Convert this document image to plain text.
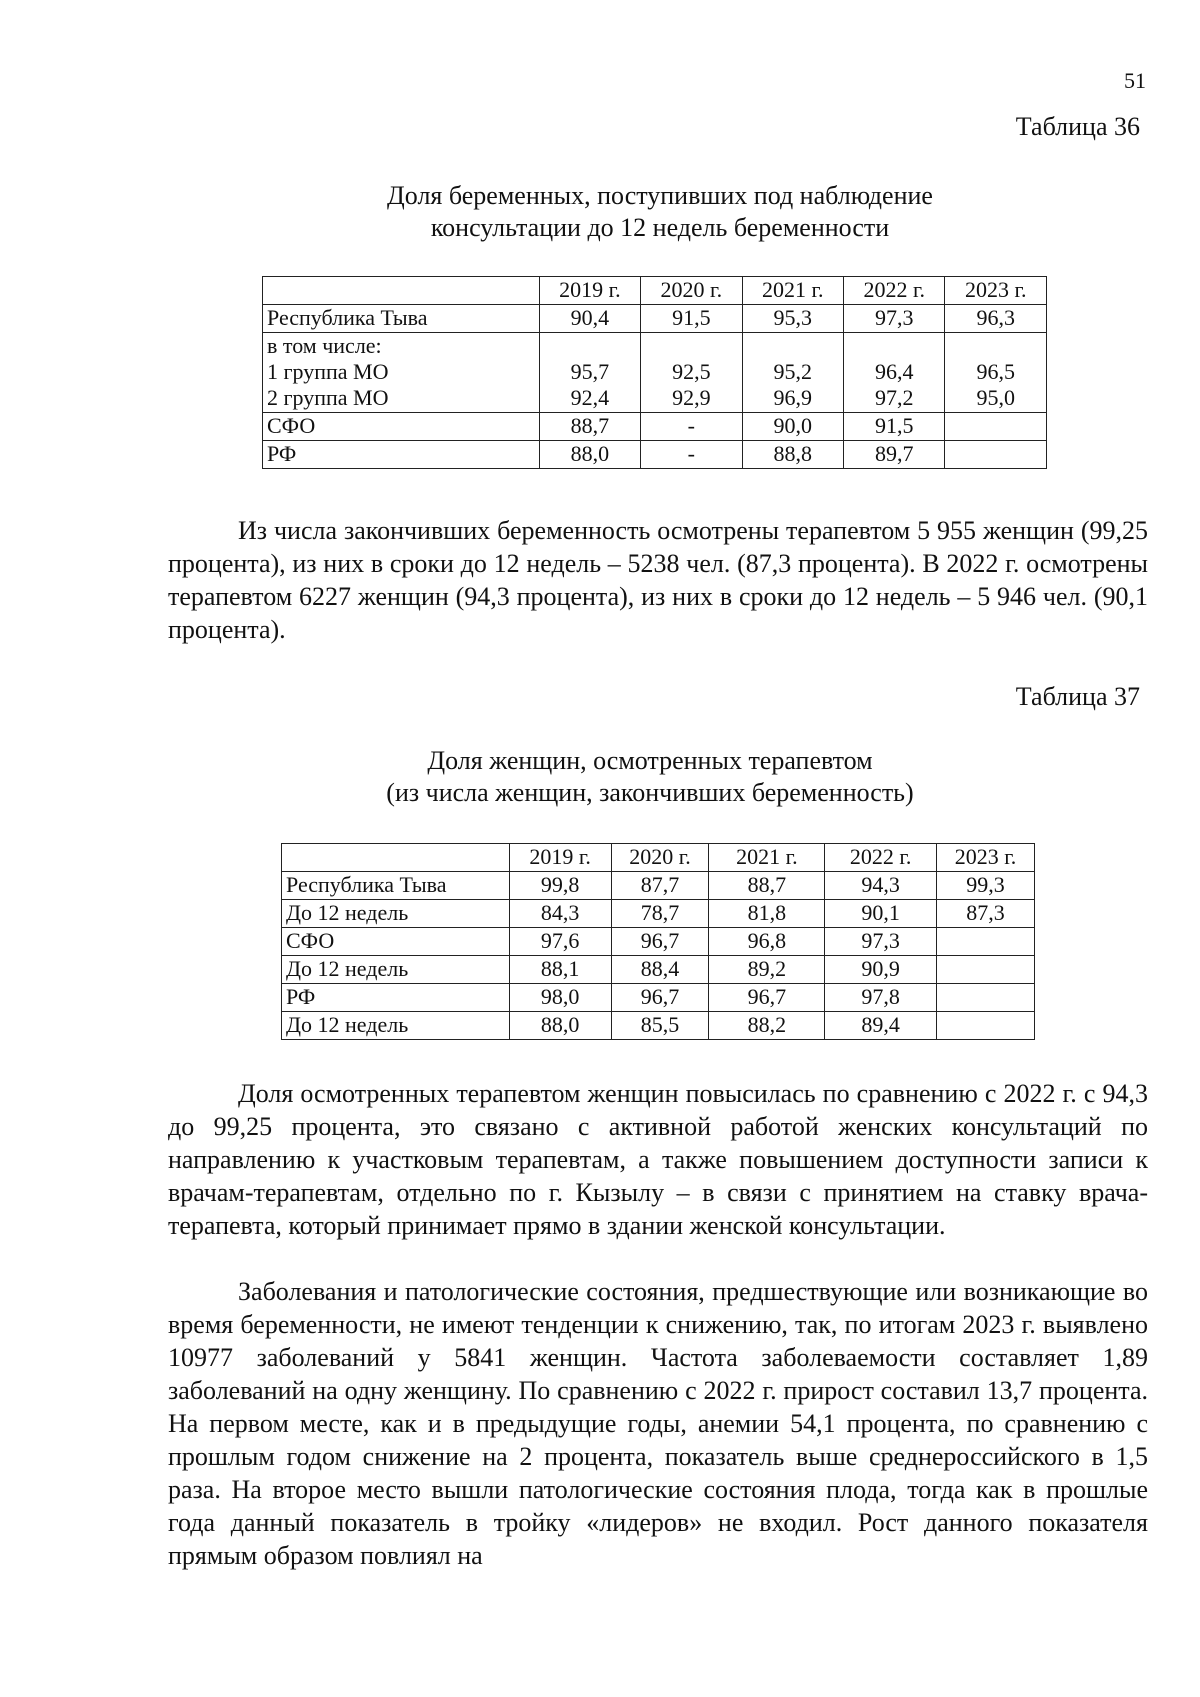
51
Таблица 36
Доля беременных, поступивших под наблюдение
консультации до 12 недель беременности
	2019 г.	2020 г.	2021 г.	2022 г.	2023 г.
Республика Тыва	90,4	91,5	95,3	97,3	96,3
в том числе:					
1 группа МО	95,7	92,5	95,2	96,4	96,5
2 группа МО	92,4	92,9	96,9	97,2	95,0
СФО	88,7	-	90,0	91,5	
РФ	88,0	-	88,8	89,7	

Из числа закончивших беременность осмотрены терапевтом 5 955 женщин (99,25 процента), из них в сроки до 12 недель – 5238 чел. (87,3 процента). В 2022 г. осмотрены терапевтом 6227 женщин (94,3 процента), из них в сроки до 12 недель – 5 946 чел. (90,1 процента).

Таблица 37
Доля женщин, осмотренных терапевтом
(из числа женщин, закончивших беременность)
	2019 г.	2020 г.	2021 г.	2022 г.	2023 г.
Республика Тыва	99,8	87,7	88,7	94,3	99,3
До 12 недель	84,3	78,7	81,8	90,1	87,3
СФО	97,6	96,7	96,8	97,3	
До 12 недель	88,1	88,4	89,2	90,9	
РФ	98,0	96,7	96,7	97,8	
До 12 недель	88,0	85,5	88,2	89,4	

Доля осмотренных терапевтом женщин повысилась по сравнению с 2022 г. с 94,3 до 99,25 процента, это связано с активной работой женских консультаций по направлению к участковым терапевтам, а также повышением доступности записи к врачам-терапевтам, отдельно по г. Кызылу – в связи с принятием на ставку врача-терапевта, который принимает прямо в здании женской консультации.

Заболевания и патологические состояния, предшествующие или возникающие во время беременности, не имеют тенденции к снижению, так, по итогам 2023 г. выявлено 10977 заболеваний у 5841 женщин. Частота заболеваемости составляет 1,89 заболеваний на одну женщину. По сравнению с 2022 г. прирост составил 13,7 процента. На первом месте, как и в предыдущие годы, анемии 54,1 процента, по сравнению с прошлым годом снижение на 2 процента, показатель выше среднероссийского в 1,5 раза. На второе место вышли патологические состояния плода, тогда как в прошлые года данный показатель в тройку «лидеров» не входил. Рост данного показателя прямым образом повлиял на
